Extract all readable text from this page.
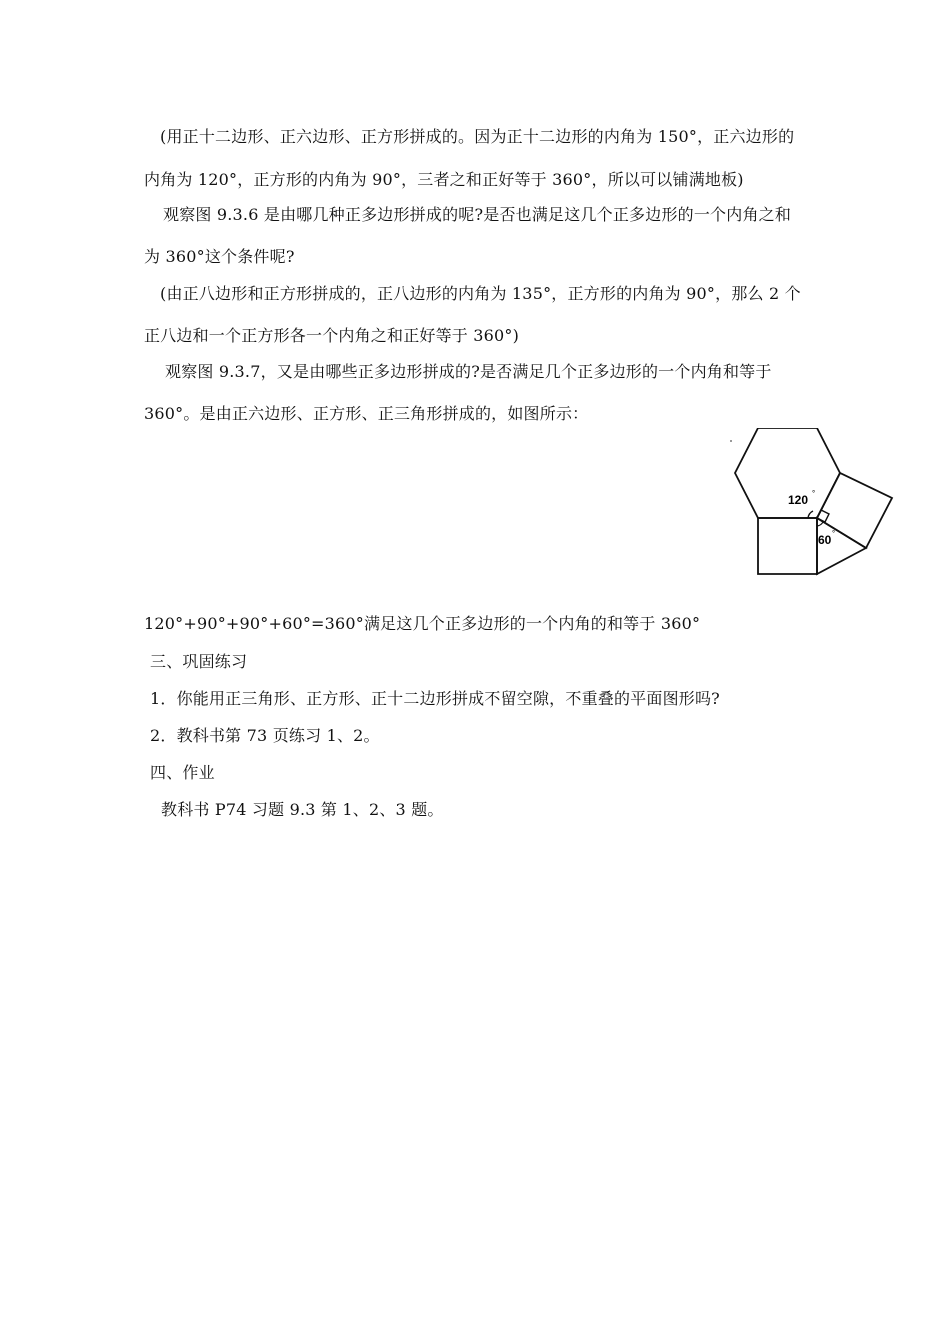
(用正十二边形、正六边形、正方形拼成的。因为正十二边形的内角为 150°，正六边形的
内角为 120°，正方形的内角为 90°，三者之和正好等于 360°，所以可以铺满地板)
观察图 9.3.6 是由哪几种正多边形拼成的呢?是否也满足这几个正多边形的一个内角之和
为 360°这个条件呢?
(由正八边形和正方形拼成的，正八边形的内角为 135°，正方形的内角为 90°，那么 2 个
正八边和一个正方形各一个内角之和正好等于 360°)
观察图 9.3.7，又是由哪些正多边形拼成的?是否满足几个正多边形的一个内角和等于
360°。是由正六边形、正方形、正三角形拼成的，如图所示：
120 °
60 °
120°+90°+90°+60°=360°满足这几个正多边形的一个内角的和等于 360°
三、巩固练习
1．你能用正三角形、正方形、正十二边形拼成不留空隙，不重叠的平面图形吗?
2．教科书第 73 页练习 1、2。
四、作业
教科书 P74 习题 9.3 第 1、2、3 题。
